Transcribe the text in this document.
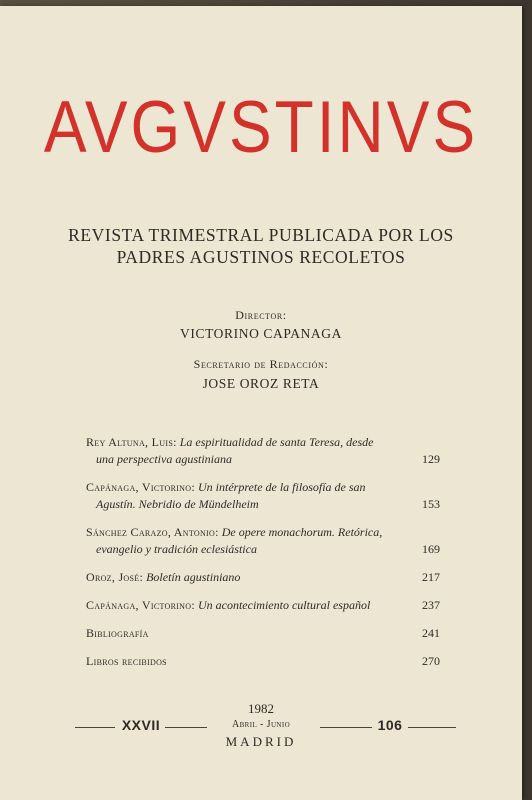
AVGVSTINVS
REVISTA TRIMESTRAL PUBLICADA POR LOS
PADRES AGUSTINOS RECOLETOS
Director:
VICTORINO CAPANAGA
Secretario de Redacción:
JOSE OROZ RETA
Rey Altuna, Luis: La espiritualidad de santa Teresa, desde
una perspectiva agustiniana	129
Capánaga, Victorino: Un intérprete de la filosofía de san
Agustín. Nebridio de Mündelheim	153
Sánchez Carazo, Antonio: De opere monachorum. Retórica,
evangelio y tradición eclesiástica	169
Oroz, José: Boletín agustiniano	217
Capánaga, Victorino: Un acontecimiento cultural español	237
Bibliografía	241
Libros recibidos	270
1982
Abril - Junio
MADRID
XXVII	106
